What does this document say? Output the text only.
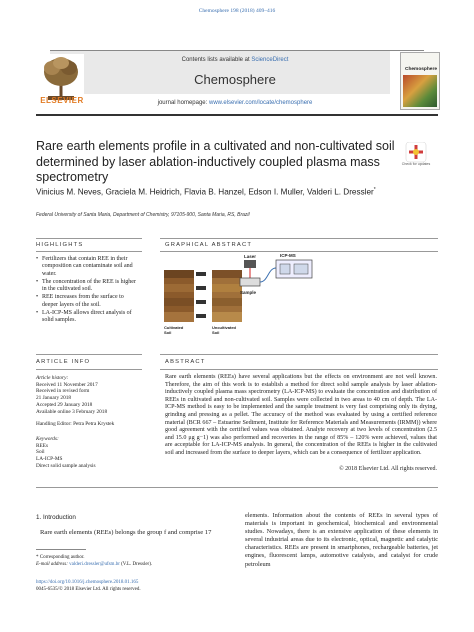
Chemosphere 198 (2018) 409–416
ELSEVIER
Contents lists available at ScienceDirect
Chemosphere
journal homepage: www.elsevier.com/locate/chemosphere
Chemosphere
Rare earth elements profile in a cultivated and non-cultivated soil determined by laser ablation-inductively coupled plasma mass spectrometry
Check for updates
Vinicius M. Neves, Graciela M. Heidrich, Flavia B. Hanzel, Edson I. Muller, Valderi L. Dressler*
Federal University of Santa Maria, Department of Chemistry, 97105-900, Santa Maria, RS, Brazil
HIGHLIGHTS
• Fertilizers that contain REE in their composition can contaminate soil and water.
• The concentration of the REE is higher in the cultivated soil.
• REE increases from the surface to deeper layers of the soil.
• LA-ICP-MS allows direct analysis of solid samples.
GRAPHICAL ABSTRACT
Cultivated Soil
Uncultivated Soil
Laser
Sample
ICP-MS
ARTICLE INFO
Article history:
Received 11 November 2017
Received in revised form
21 January 2018
Accepted 29 January 2018
Available online 3 February 2018
Handling Editor: Petra Petra Krystek
Keywords:
REEs
Soil
LA-ICP-MS
Direct solid sample analysis
ABSTRACT
Rare earth elements (REEs) have several applications but the effects on environment are not well known. Therefore, the aim of this work is to establish a method for direct solid sample analysis by laser ablation-inductively coupled plasma mass spectrometry (LA-ICP-MS) to evaluate the concentration and distribution of REEs in cultivated and non-cultivated soil. Samples were collected in two areas to 40 cm of depth. The LA-ICP-MS method is easy to be implemented and the sample treatment is very fast comprising only its drying, grinding and pressing as a pellet. The accuracy of the method was evaluated by using a certified reference material (BCR 667 – Estuarine Sediment, Institute for Reference Materials and Measurements (IRMM)) where good agreement with the certified values was obtained. Analyte recovery at two levels of concentration (2.5 and 15.0 μg g−1) was also performed and recoveries in the range of 85% – 120% were achieved, values that are acceptable for LA-ICP-MS analysis. In general, the concentration of the REEs is higher in the cultivated soil and increased from the surface to deeper layers, which can be a consequence of fertilizer application.
© 2018 Elsevier Ltd. All rights reserved.
1. Introduction
Rare earth elements (REEs) belongs the group f and comprise 17
elements. Information about the contents of REEs in several types of materials is important in geochemical, biochemical and environmental studies. Nowadays, there is an extensive application of these elements in several industrial areas due to its electronic, optical, magnetic and catalytic characteristics. REEs are present in smartphones, rechargeable batteries, jet engines, fluorescent lamps, automotive catalysts, and catalyst for crude petroleum
* Corresponding author.
E-mail address: valderi.dressler@ufsm.br (V.L. Dressler).
https://doi.org/10.1016/j.chemosphere.2018.01.165
0045-6535/© 2018 Elsevier Ltd. All rights reserved.
